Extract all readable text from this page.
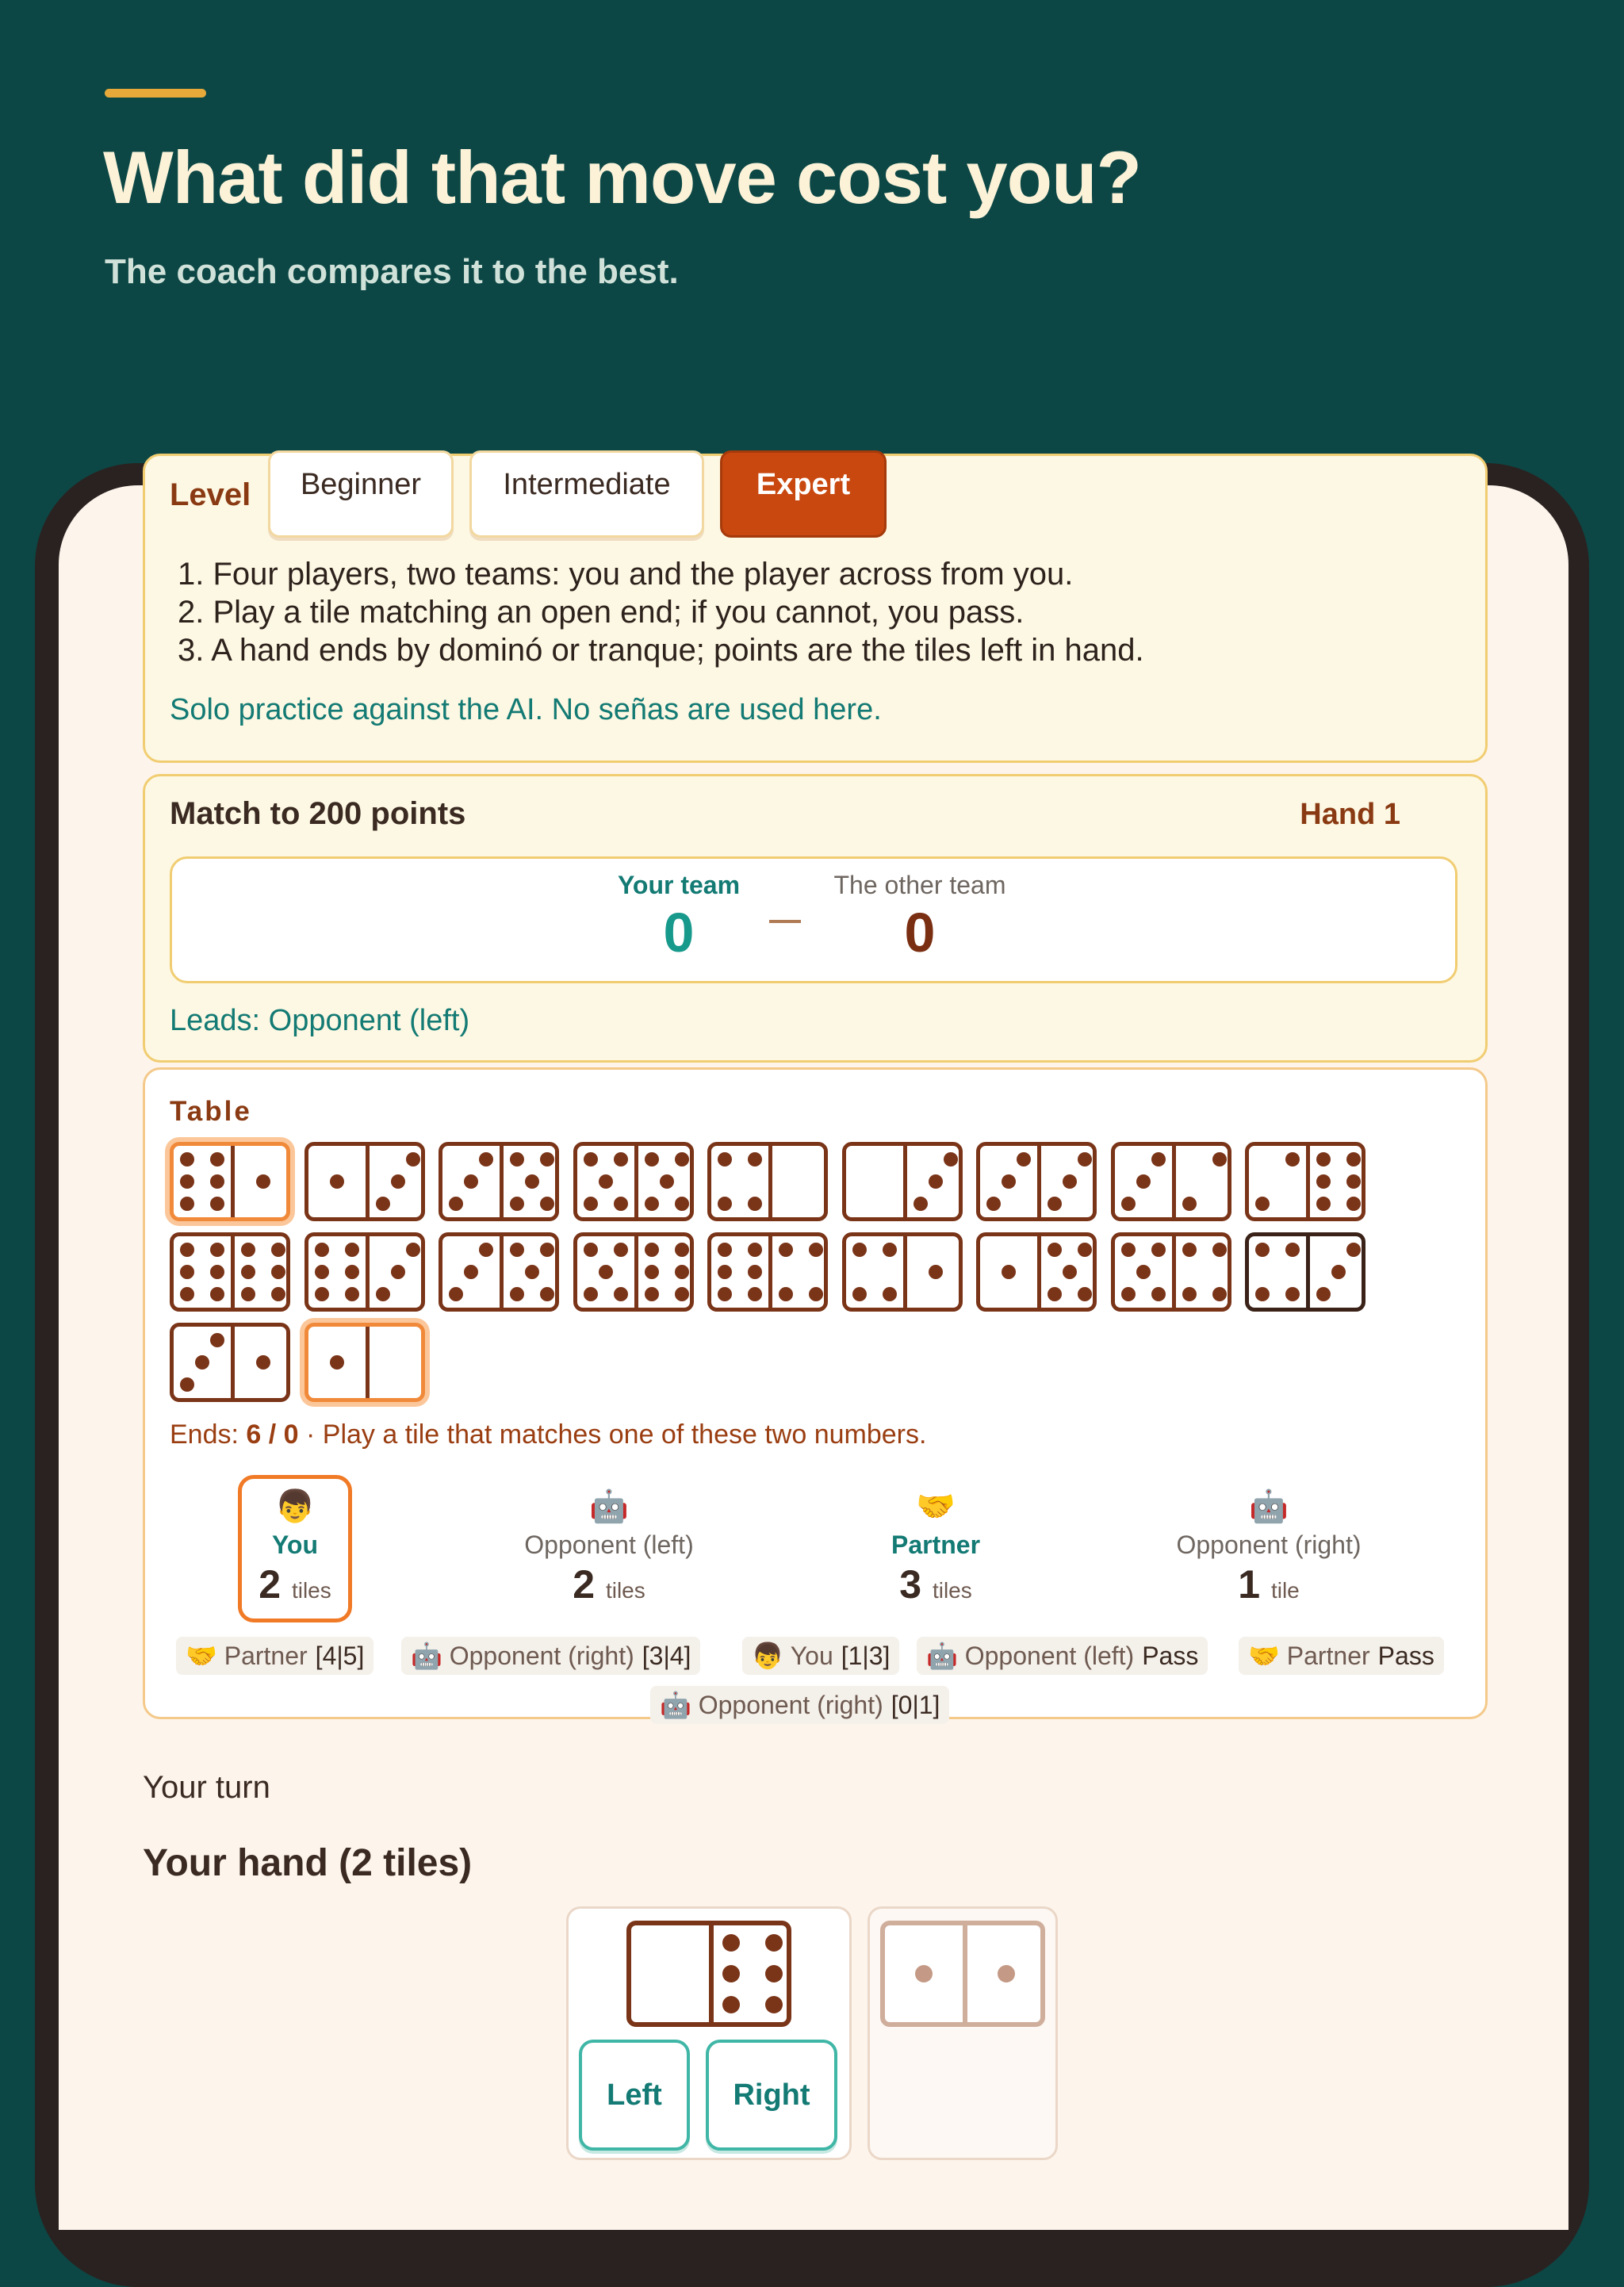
What did that move cost you?
The coach compares it to the best.
Level	Beginner	Intermediate	Expert
1. Four players, two teams: you and the player across from you.
2. Play a tile matching an open end; if you cannot, you pass.
3. A hand ends by dominó or tranque; points are the tiles left in hand.
Solo practice against the AI. No señas are used here.
Match to 200 points	Hand 1
Your team
0
The other team
0
Leads: Opponent (left)
Table
Ends: 6 / 0 · Play a tile that matches one of these two numbers.
👦
You
2 tiles
🤖
Opponent (left)
2 tiles
🤝
Partner
3 tiles
🤖
Opponent (right)
1 tile
🤝
Partner [4|5] 🤖
Opponent (right) [3|4] 👦
You [1|3] 🤖
Opponent (left) Pass 🤝
Partner Pass
🤖
Opponent (right) [0|1]
Your turn
Your hand (2 tiles)
Left	Right
